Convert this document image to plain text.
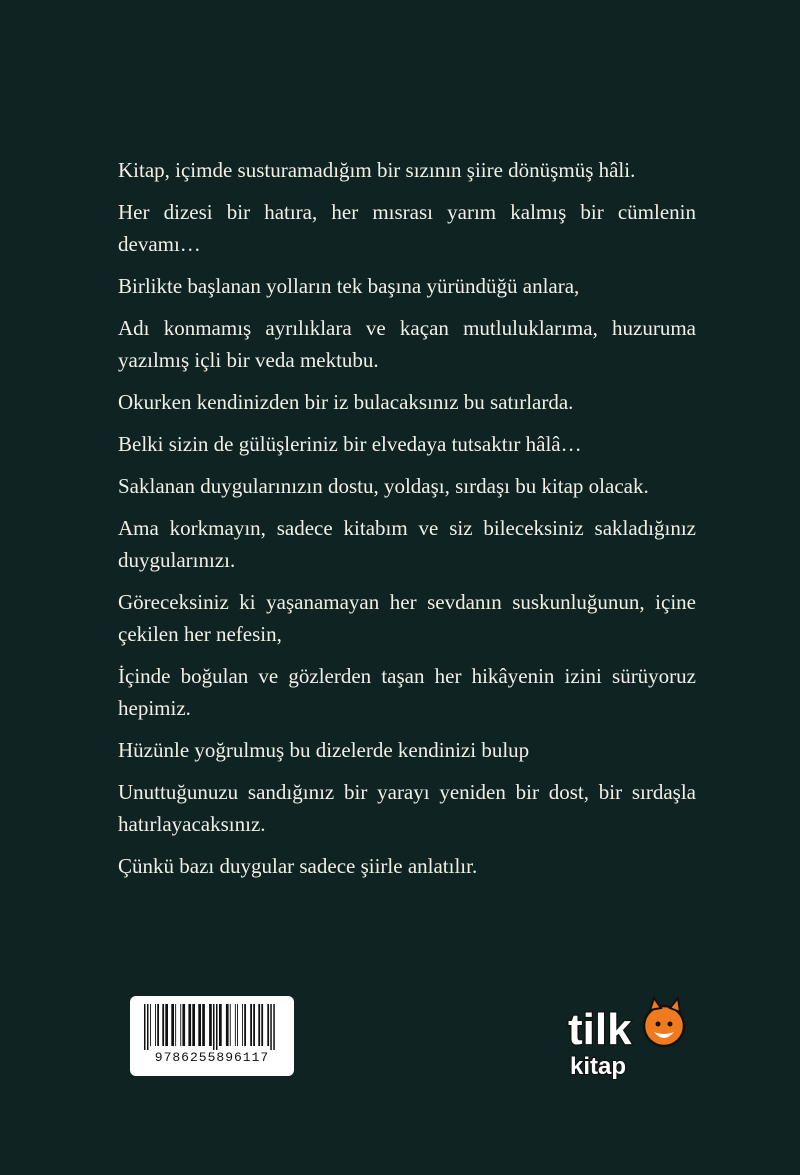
Kitap, içimde susturamadığım bir sızının şiire dönüşmüş hâli.

Her dizesi bir hatıra, her mısrası yarım kalmış bir cümlenin devamı…

Birlikte başlanan yolların tek başına yüründüğü anlara,

Adı konmamış ayrılıklara ve kaçan mutluluklarıma, huzuruma yazılmış içli bir veda mektubu.

Okurken kendinizden bir iz bulacaksınız bu satırlarda.

Belki sizin de gülüşleriniz bir elvedaya tutsaktır hâlâ…

Saklanan duygularınızın dostu, yoldaşı, sırdaşı bu kitap olacak.

Ama korkmayın, sadece kitabım ve siz bileceksiniz sakladığınız duygularınızı.

Göreceksiniz ki yaşanamayan her sevdanın suskunluğunun, içine çekilen her nefesin,

İçinde boğulan ve gözlerden taşan her hikâyenin izini sürüyoruz hepimiz.

Hüzünle yoğrulmuş bu dizelerde kendinizi bulup

Unuttuğunuzu sandığınız bir yarayı yeniden bir dost, bir sırdaşla hatırlayacaksınız.

Çünkü bazı duygular sadece şiirle anlatılır.

9786255896117
tilk
kitap
